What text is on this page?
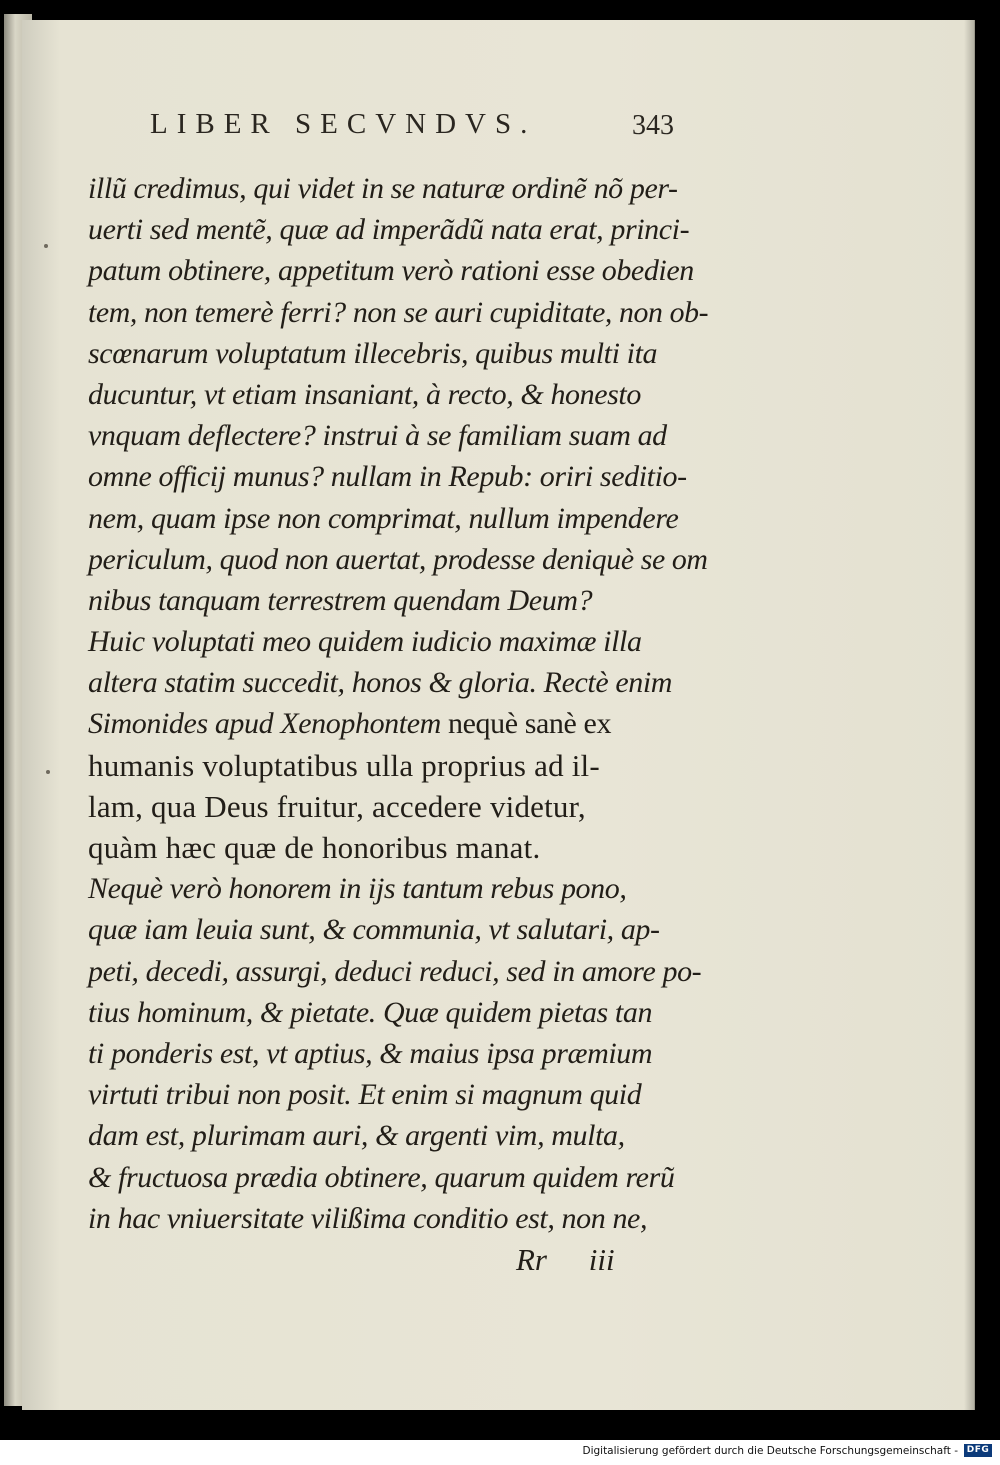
LIBER SECVNDVS.	343
illũ credimus, qui videt in se naturæ ordinẽ nõ per-
uerti sed mentẽ, quæ ad imperãdũ nata erat, princi-
patum obtinere, appetitum verò rationi esse obedien
tem, non temerè ferri? non se auri cupiditate, non ob-
scœnarum voluptatum illecebris, quibus multi ita
ducuntur, vt etiam insaniant, à recto, & honesto
vnquam deflectere? instrui à se familiam suam ad
omne officij munus? nullam in Repub: oriri seditio-
nem, quam ipse non comprimat, nullum impendere
periculum, quod non auertat, prodesse deniquè se om
nibus tanquam terrestrem quendam Deum?
Huic voluptati meo quidem iudicio maximæ illa
altera statim succedit, honos & gloria. Rectè enim
Simonides apud Xenophontem nequè sanè ex
humanis voluptatibus ulla proprius ad il-
lam, qua Deus fruitur, accedere videtur,
quàm hæc quæ de honoribus manat.
Nequè verò honorem in ijs tantum rebus pono,
quæ iam leuia sunt, & communia, vt salutari, ap-
peti, decedi, assurgi, deduci reduci, sed in amore po-
tius hominum, & pietate. Quæ quidem pietas tan
ti ponderis est, vt aptius, & maius ipsa præmium
virtuti tribui non posit. Et enim si magnum quid
dam est, plurimam auri, & argenti vim, multa,
& fructuosa prædia obtinere, quarum quidem rerũ
in hac vniuersitate vilißima conditio est, non ne,
Rr iii
Digitalisierung gefördert durch die Deutsche Forschungsgemeinschaft - DFG
